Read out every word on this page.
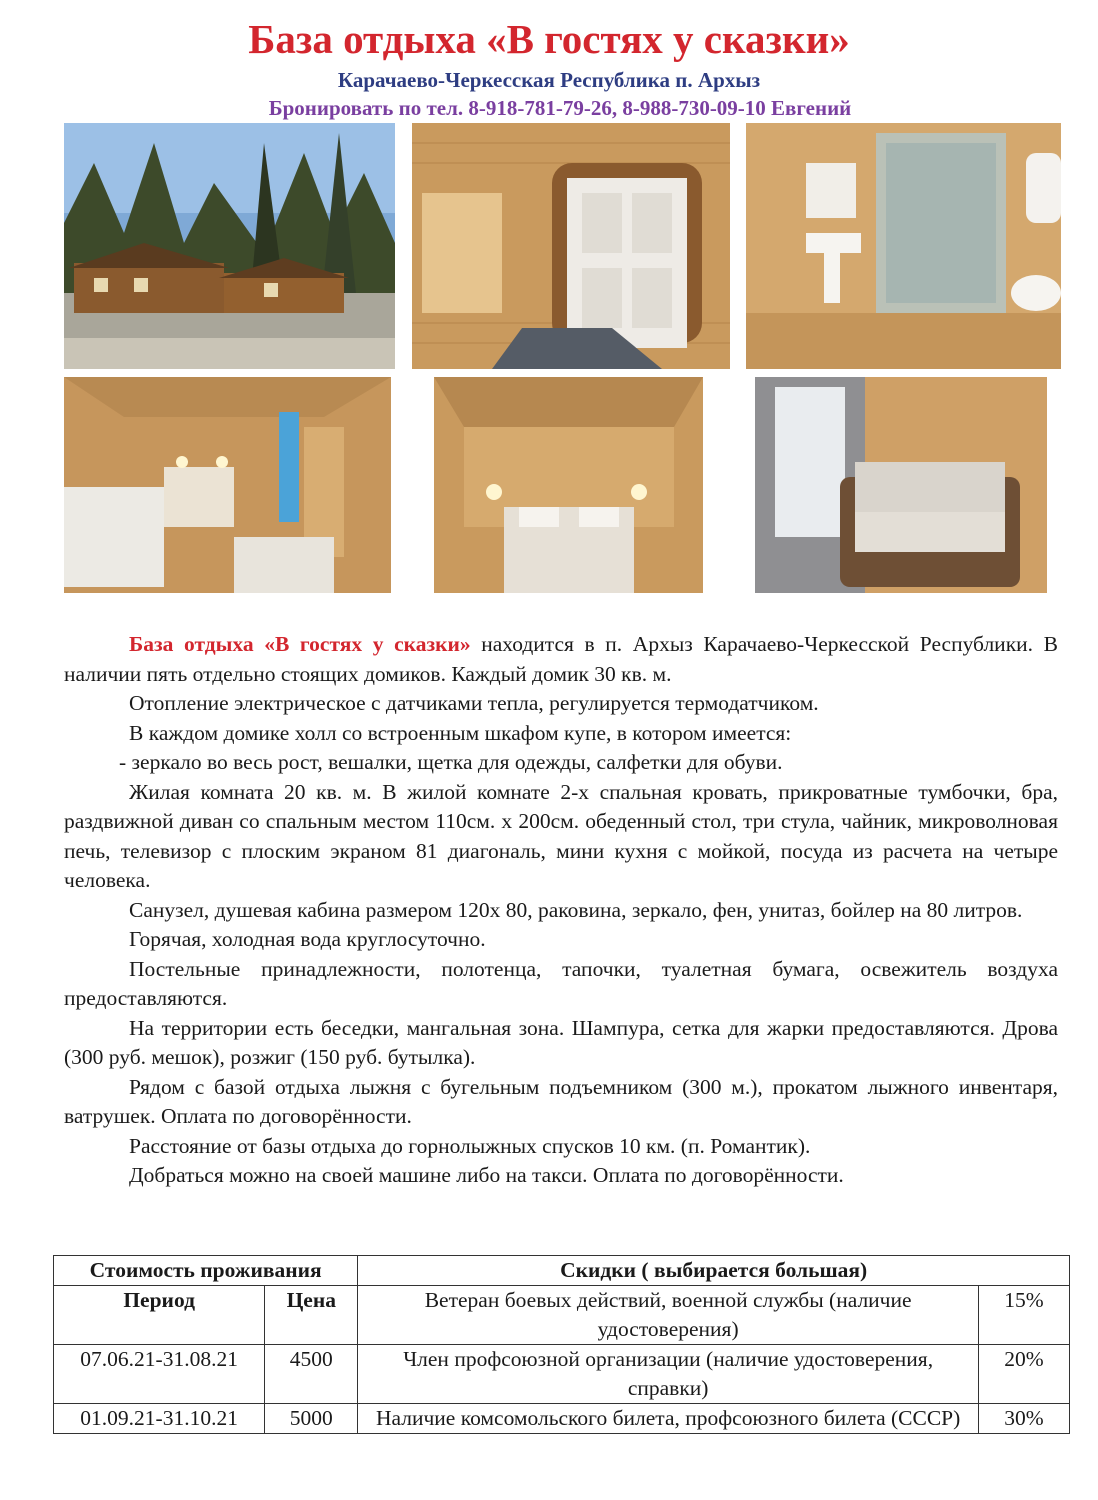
База отдыха «В гостях у сказки»
Карачаево-Черкесская Республика п. Архыз
Бронировать по тел. 8-918-781-79-26, 8-988-730-09-10 Евгений

База отдыха «В гостях у сказки» находится в п. Архыз Карачаево-Черкесской Республики. В наличии пять отдельно стоящих домиков. Каждый домик 30 кв. м.

Отопление электрическое с датчиками тепла, регулируется термодатчиком.

В каждом домике холл со встроенным шкафом купе, в котором имеется:

- зеркало во весь рост, вешалки, щетка для одежды, салфетки для обуви.

Жилая комната 20 кв. м. В жилой комнате 2-х спальная кровать, прикроватные тумбочки, бра, раздвижной диван со спальным местом 110см. х 200см. обеденный стол, три стула, чайник, микроволновая печь, телевизор с плоским экраном 81 диагональ, мини кухня с мойкой, посуда из расчета на четыре человека.

Санузел, душевая кабина размером 120х 80, раковина, зеркало, фен, унитаз, бойлер на 80 литров.

Горячая, холодная вода круглосуточно.

Постельные принадлежности, полотенца, тапочки, туалетная бумага, освежитель воздуха предоставляются.

На территории есть беседки, мангальная зона. Шампура, сетка для жарки предоставляются. Дрова (300 руб. мешок), розжиг (150 руб. бутылка).

Рядом с базой отдыха лыжня с бугельным подъемником (300 м.), прокатом лыжного инвентаря, ватрушек. Оплата по договорённости.

Расстояние от базы отдыха до горнолыжных спусков 10 км. (п. Романтик).

Добраться можно на своей машине либо на такси. Оплата по договорённости.

Стоимость проживания		Скидки ( выбирается большая)	
Период	Цена	Ветеран боевых действий, военной службы (наличие удостоверения)	15%
07.06.21-31.08.21	4500	Член профсоюзной организации (наличие удостоверения, справки)	20%
01.09.21-31.10.21	5000	Наличие комсомольского билета, профсоюзного билета (СССР)	30%
